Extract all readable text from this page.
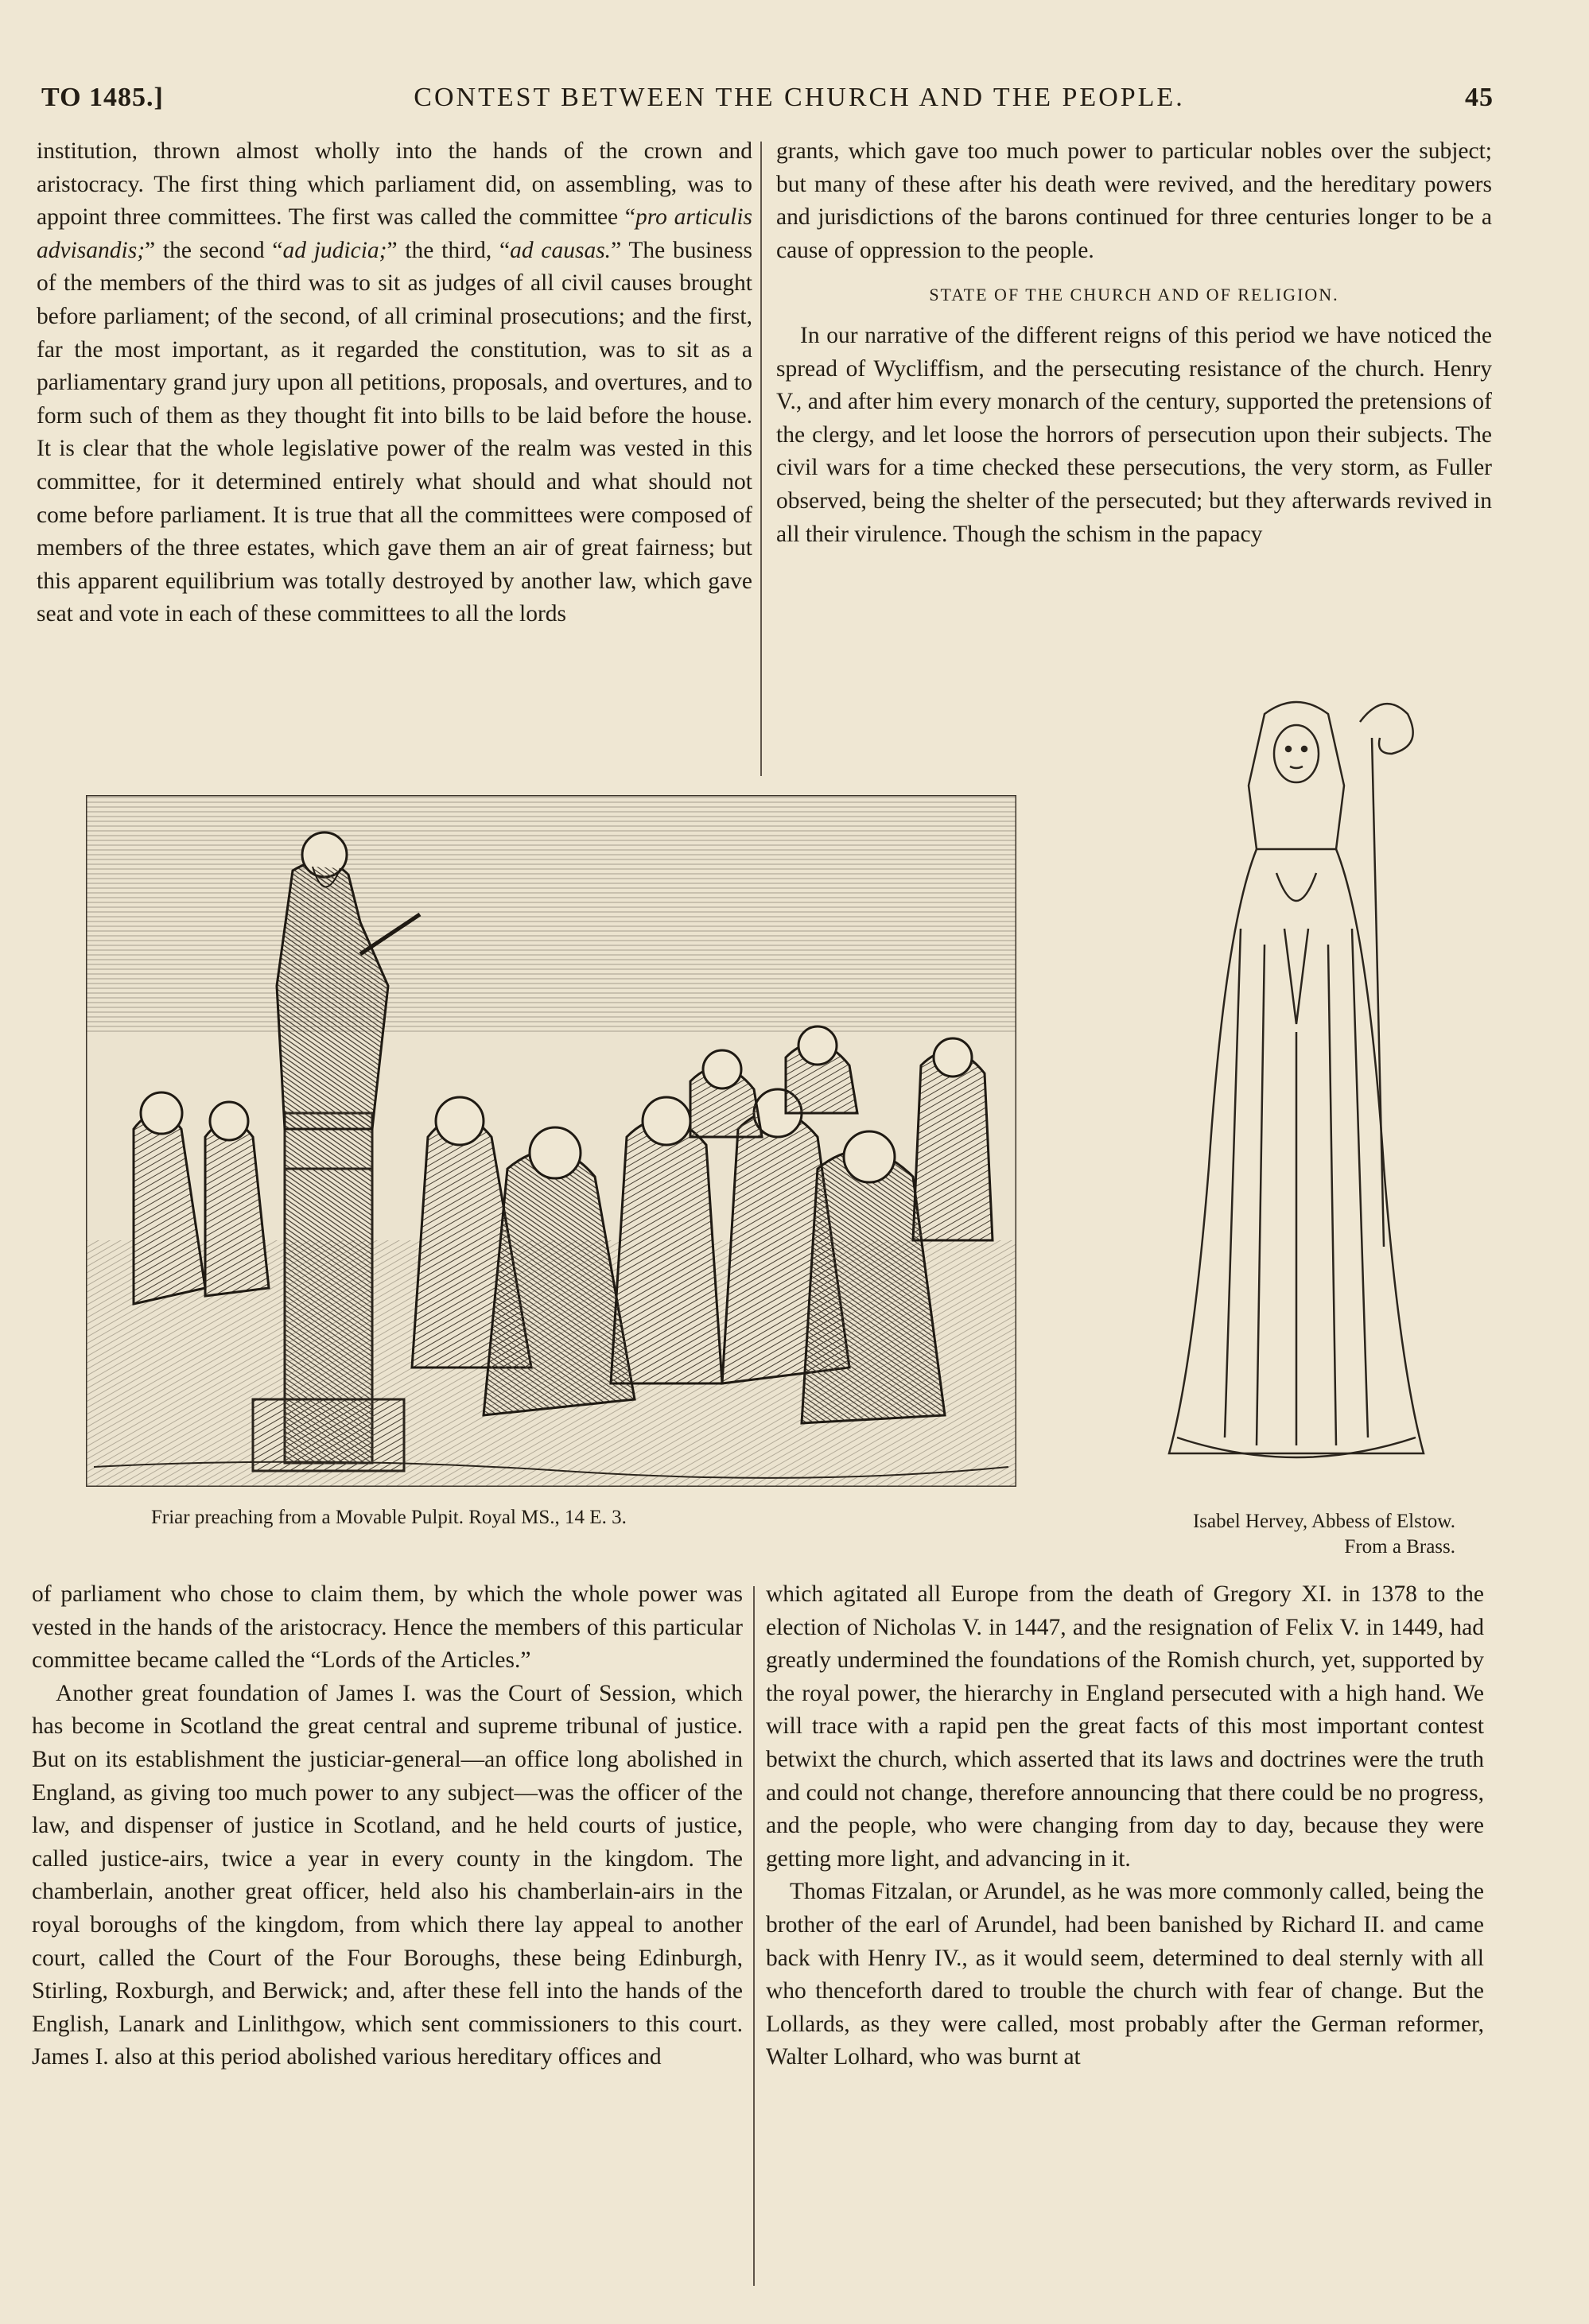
TO 1485.]	CONTEST BETWEEN THE CHURCH AND THE PEOPLE.	45

institution, thrown almost wholly into the hands of the crown and aristocracy. The first thing which parliament did, on assembling, was to appoint three committees. The first was called the committee “pro articulis advisandis;” the second “ad judicia;” the third, “ad causas.” The business of the members of the third was to sit as judges of all civil causes brought before parliament; of the second, of all criminal prosecutions; and the first, far the most important, as it regarded the constitution, was to sit as a parliamentary grand jury upon all petitions, proposals, and overtures, and to form such of them as they thought fit into bills to be laid before the house. It is clear that the whole legislative power of the realm was vested in this committee, for it determined entirely what should and what should not come before parliament. It is true that all the committees were composed of members of the three estates, which gave them an air of great fairness; but this apparent equilibrium was totally destroyed by another law, which gave seat and vote in each of these committees to all the lords

grants, which gave too much power to particular nobles over the subject; but many of these after his death were revived, and the hereditary powers and jurisdictions of the barons continued for three centuries longer to be a cause of oppression to the people.

STATE OF THE CHURCH AND OF RELIGION.

In our narrative of the different reigns of this period we have noticed the spread of Wycliffism, and the persecuting resistance of the church. Henry V., and after him every monarch of the century, supported the pretensions of the clergy, and let loose the horrors of persecution upon their subjects. The civil wars for a time checked these persecutions, the very storm, as Fuller observed, being the shelter of the persecuted; but they afterwards revived in all their virulence. Though the schism in the papacy

Friar preaching from a Movable Pulpit. Royal MS., 14 E. 3.	Isabel Hervey, Abbess of Elstow.
From a Brass.

of parliament who chose to claim them, by which the whole power was vested in the hands of the aristocracy. Hence the members of this particular committee became called the “Lords of the Articles.”

Another great foundation of James I. was the Court of Session, which has become in Scotland the great central and supreme tribunal of justice. But on its establishment the justiciar-general—an office long abolished in England, as giving too much power to any subject—was the officer of the law, and dispenser of justice in Scotland, and he held courts of justice, called justice-airs, twice a year in every county in the kingdom. The chamberlain, another great officer, held also his chamberlain-airs in the royal boroughs of the kingdom, from which there lay appeal to another court, called the Court of the Four Boroughs, these being Edinburgh, Stirling, Roxburgh, and Berwick; and, after these fell into the hands of the English, Lanark and Linlithgow, which sent commissioners to this court. James I. also at this period abolished various hereditary offices and

which agitated all Europe from the death of Gregory XI. in 1378 to the election of Nicholas V. in 1447, and the resignation of Felix V. in 1449, had greatly undermined the foundations of the Romish church, yet, supported by the royal power, the hierarchy in England persecuted with a high hand. We will trace with a rapid pen the great facts of this most important contest betwixt the church, which asserted that its laws and doctrines were the truth and could not change, therefore announcing that there could be no progress, and the people, who were changing from day to day, because they were getting more light, and advancing in it.

Thomas Fitzalan, or Arundel, as he was more commonly called, being the brother of the earl of Arundel, had been banished by Richard II. and came back with Henry IV., as it would seem, determined to deal sternly with all who thenceforth dared to trouble the church with fear of change. But the Lollards, as they were called, most probably after the German reformer, Walter Lolhard, who was burnt at
